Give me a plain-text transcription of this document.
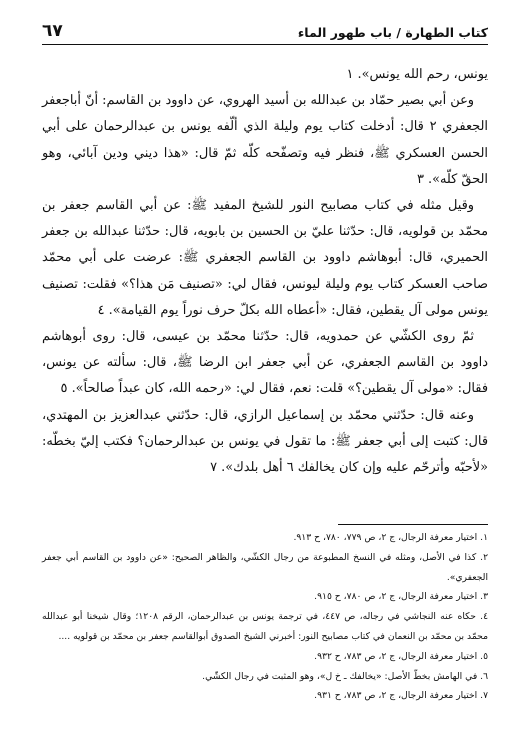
كتاب الطهارة / باب طهور الماء
٦٧

يونس، رحم الله يونس». ١

وعن أبي بصير حمّاد بن عبدالله بن أسيد الهروي، عن داوود بن القاسم: أنّ أباجعفر الجعفري ٢ قال: أدخلت كتاب يوم وليلة الذي ألّفه يونس بن عبدالرحمان على أبي الحسن العسكري ﷺ، فنظر فيه وتصفّحه كلّه ثمّ قال: «هذا ديني ودين آبائي، وهو الحقّ كلّه». ٣

وقيل مثله في كتاب مصابيح النور للشيخ المفيد ﷺ: عن أبي القاسم جعفر بن محمّد بن قولويه، قال: حدّثنا عليّ بن الحسين بن بابويه، قال: حدّثنا عبدالله بن جعفر الحميري، قال: أبوهاشم داوود بن القاسم الجعفري ﷺ: عرضت على أبي محمّد صاحب العسكر كتاب يوم وليلة ليونس، فقال لي: «تصنيف مَن هذا؟» فقلت: تصنيف يونس مولى آل يقطين، فقال: «أعطاه الله بكلّ حرف نوراً يوم القيامة». ٤

ثمّ روى الكشّي عن حمدويه، قال: حدّثنا محمّد بن عيسى، قال: روى أبوهاشم داوود بن القاسم الجعفري، عن أبي جعفر ابن الرضا ﷺ، قال: سألته عن يونس، فقال: «مولى آل يقطين؟» قلت: نعم، فقال لي: «رحمه الله، كان عبداً صالحاً». ٥

وعنه قال: حدّثني محمّد بن إسماعيل الرازي، قال: حدّثني عبدالعزيز بن المهتدي، قال: كتبت إلى أبي جعفر ﷺ: ما تقول في يونس بن عبدالرحمان؟ فكتب إليّ بخطّه: «لأحبّه وأترحّم عليه وإن كان يخالفك ٦ أهل بلدك». ٧

١. اختيار معرفة الرجال، ج ٢، ص ٧٧٩، ٧٨٠، ح ٩١٣.

٢. كذا في الأصل، ومثله في النسخ المطبوعة من رجال الكشّي، والظاهر الصحيح: «عن داوود بن القاسم أبي جعفر الجعفري».

٣. اختيار معرفة الرجال، ج ٢، ص ٧٨٠، ح ٩١٥.

٤. حكاه عنه النجاشي في رجاله، ص ٤٤٧، في ترجمة يونس بن عبدالرحمان، الرقم ١٢٠٨؛ وقال شيخنا أبو عبدالله محمّد بن محمّد بن النعمان في كتاب مصابيح النور: أخبرني الشيخ الصدوق أبوالقاسم جعفر بن محمّد بن قولويه ....

٥. اختيار معرفة الرجال، ج ٢، ص ٧٨٣، ح ٩٣٢.

٦. في الهامش بخطّ الأصل: «يخالفك ـ خ ل»، وهو المثبت في رجال الكشّي.

٧. اختيار معرفة الرجال، ج ٢، ص ٧٨٣، ح ٩٣١.
